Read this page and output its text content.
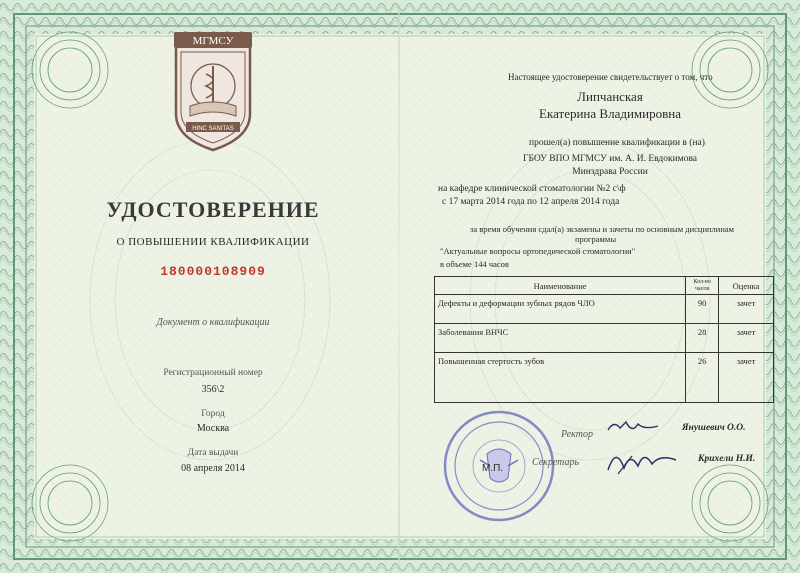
МГМСУ
HINC SANITAS
УДОСТОВЕРЕНИЕ
О ПОВЫШЕНИИ КВАЛИФИКАЦИИ
180000108909
Документ о квалификации
Регистрационный номер
356\2
Город
Москва
Дата выдачи
08 апреля 2014
Настоящее удостоверение свидетельствует о том, что
Липчанская
Екатерина Владимировна
прошел(а) повышение квалификации в (на)
ГБОУ ВПО МГМСУ им. А. И. Евдокимова
Минздрава России
на кафедре клинической стоматологии №2 с\ф
с 17 марта 2014 года по 12 апреля 2014 года
за время обучения сдал(а) экзамены и зачеты по основным дисциплинам
программы
"Актуальные вопросы ортопедической стоматологии"
в объеме 144 часов
Наименование	Кол-во часов	Оценка
Дефекты и деформации зубных рядов ЧЛО	90	зачет
Заболевания ВНЧС	28	зачет
Повышенная стертость зубов	26	зачет
М.П.
Ректор
Янушевич О.О.
Секретарь	Крихели Н.И.
